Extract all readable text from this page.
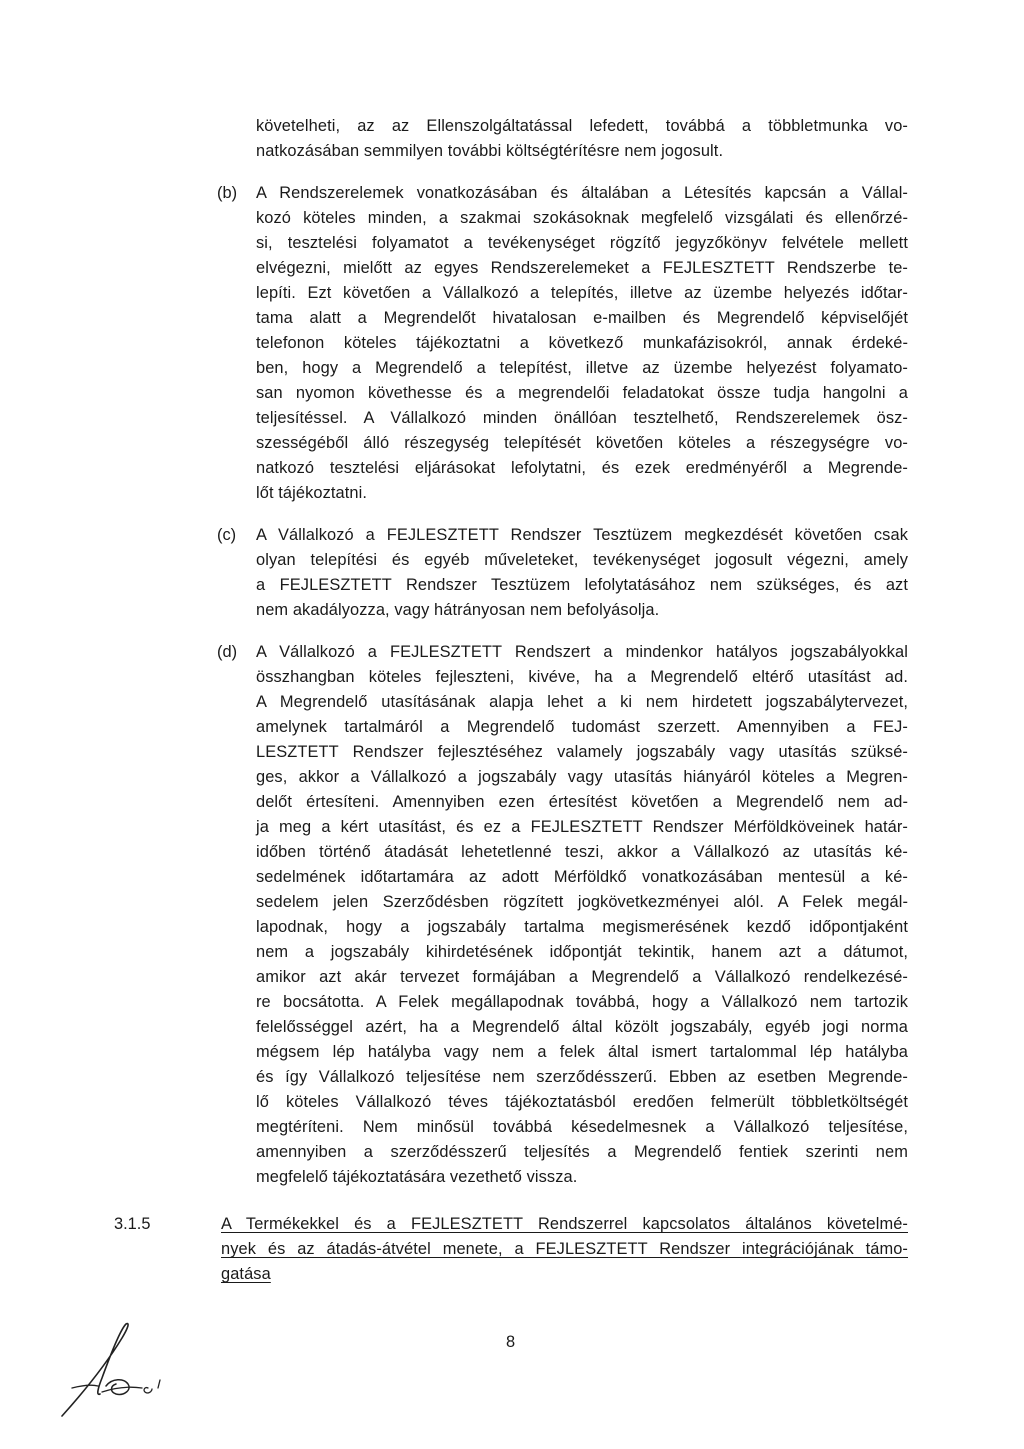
követelheti, az az Ellenszolgáltatással lefedett, továbbá a többletmunka vo-
natkozásában semmilyen további költségtérítésre nem jogosult.
(b) A Rendszerelemek vonatkozásában és általában a Létesítés kapcsán a Vállal-
kozó köteles minden, a szakmai szokásoknak megfelelő vizsgálati és ellenőrzé-
si, tesztelési folyamatot a tevékenységet rögzítő jegyzőkönyv felvétele mellett
elvégezni, mielőtt az egyes Rendszerelemeket a FEJLESZTETT Rendszerbe te-
lepíti. Ezt követően a Vállalkozó a telepítés, illetve az üzembe helyezés időtar-
tama alatt a Megrendelőt hivatalosan e-mailben és Megrendelő képviselőjét
telefonon köteles tájékoztatni a következő munkafázisokról, annak érdeké-
ben, hogy a Megrendelő a telepítést, illetve az üzembe helyezést folyamato-
san nyomon követhesse és a megrendelői feladatokat össze tudja hangolni a
teljesítéssel. A Vállalkozó minden önállóan tesztelhető, Rendszerelemek ösz-
szességéből álló részegység telepítését követően köteles a részegységre vo-
natkozó tesztelési eljárásokat lefolytatni, és ezek eredményéről a Megrende-
lőt tájékoztatni.
(c) A Vállalkozó a FEJLESZTETT Rendszer Tesztüzem megkezdését követően csak
olyan telepítési és egyéb műveleteket, tevékenységet jogosult végezni, amely
a FEJLESZTETT Rendszer Tesztüzem lefolytatásához nem szükséges, és azt
nem akadályozza, vagy hátrányosan nem befolyásolja.
(d) A Vállalkozó a FEJLESZTETT Rendszert a mindenkor hatályos jogszabályokkal
összhangban köteles fejleszteni, kivéve, ha a Megrendelő eltérő utasítást ad.
A Megrendelő utasításának alapja lehet a ki nem hirdetett jogszabálytervezet,
amelynek tartalmáról a Megrendelő tudomást szerzett. Amennyiben a FEJ-
LESZTETT Rendszer fejlesztéséhez valamely jogszabály vagy utasítás szüksé-
ges, akkor a Vállalkozó a jogszabály vagy utasítás hiányáról köteles a Megren-
delőt értesíteni. Amennyiben ezen értesítést követően a Megrendelő nem ad-
ja meg a kért utasítást, és ez a FEJLESZTETT Rendszer Mérföldköveinek határ-
időben történő átadását lehetetlenné teszi, akkor a Vállalkozó az utasítás ké-
sedelmének időtartamára az adott Mérföldkő vonatkozásában mentesül a ké-
sedelem jelen Szerződésben rögzített jogkövetkezményei alól. A Felek megál-
lapodnak, hogy a jogszabály tartalma megismerésének kezdő időpontjaként
nem a jogszabály kihirdetésének időpontját tekintik, hanem azt a dátumot,
amikor azt akár tervezet formájában a Megrendelő a Vállalkozó rendelkezésé-
re bocsátotta. A Felek megállapodnak továbbá, hogy a Vállalkozó nem tartozik
felelősséggel azért, ha a Megrendelő által közölt jogszabály, egyéb jogi norma
mégsem lép hatályba vagy nem a felek által ismert tartalommal lép hatályba
és így Vállalkozó teljesítése nem szerződésszerű. Ebben az esetben Megrende-
lő köteles Vállalkozó téves tájékoztatásból eredően felmerült többletköltségét
megtéríteni. Nem minősül továbbá késedelmesnek a Vállalkozó teljesítése,
amennyiben a szerződésszerű teljesítés a Megrendelő fentiek szerinti nem
megfelelő tájékoztatására vezethető vissza.
3.1.5	A Termékekkel és a FEJLESZTETT Rendszerrel kapcsolatos általános követelmé-
nyek és az átadás-átvétel menete, a FEJLESZTETT Rendszer integrációjának támo-
gatása
8
